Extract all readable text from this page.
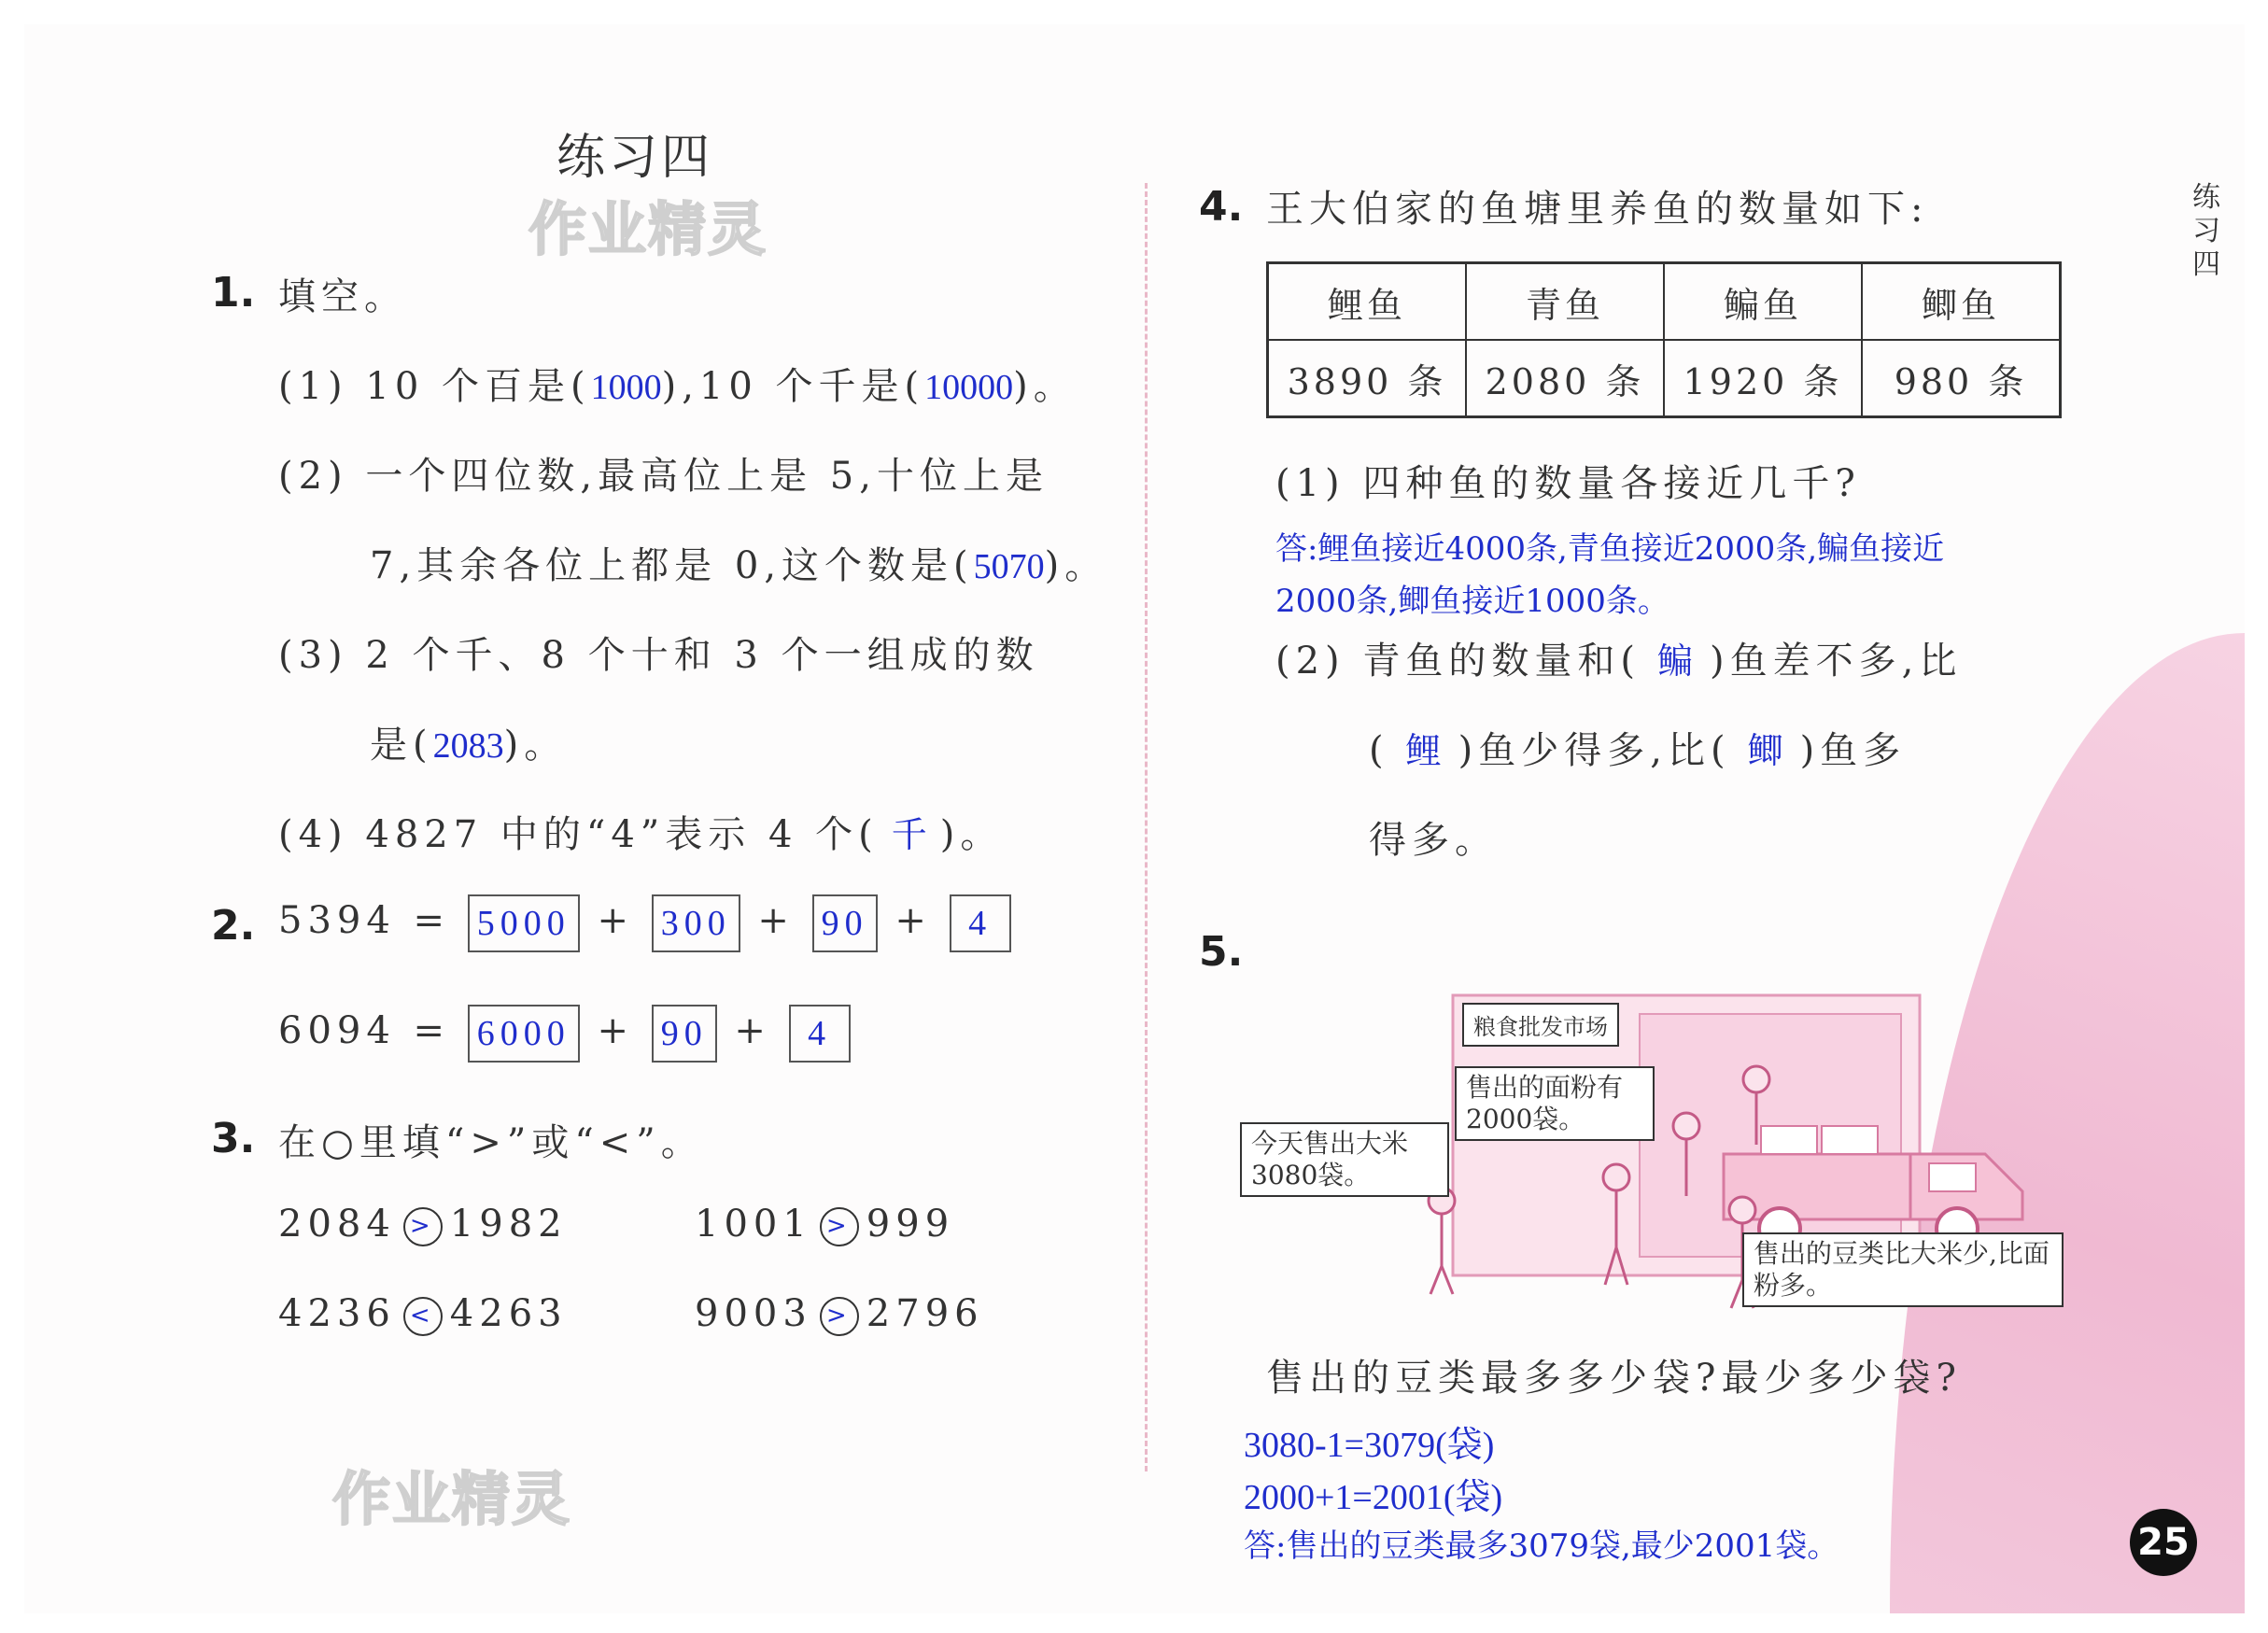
练习四
作业精灵
作业精灵
1. 填空。
(1) 10 个百是(1000),10 个千是(10000)。
(2) 一个四位数,最高位上是 5,十位上是
7,其余各位上都是 0,这个数是(5070)。
(3) 2 个千、8 个十和 3 个一组成的数
是(2083)。
(4) 4827 中的“4”表示 4 个( 千 )。
2. 5394 = 5000 + 300 + 90 + 4
6094 = 6000 + 90 + 4
3. 在○里填“>”或“<”。
2084 > 1982	1001 > 999
4236 < 4263	9003 > 2796
练
习
四
25
4. 王大伯家的鱼塘里养鱼的数量如下:
鲤鱼	青鱼	鳊鱼	鲫鱼
3890 条	2080 条	1920 条	980 条
(1) 四种鱼的数量各接近几千?
答:鲤鱼接近4000条,青鱼接近2000条,鳊鱼接近
2000条,鲫鱼接近1000条。
(2) 青鱼的数量和( 鳊 )鱼差不多,比
( 鲤 )鱼少得多,比( 鲫 )鱼多
得多。
5.
粮食批发市场
售出的面粉有2000袋。
今天售出大米3080袋。
售出的豆类比大米少,比面粉多。
售出的豆类最多多少袋?最少多少袋?
3080-1=3079(袋)
2000+1=2001(袋)
答:售出的豆类最多3079袋,最少2001袋。
